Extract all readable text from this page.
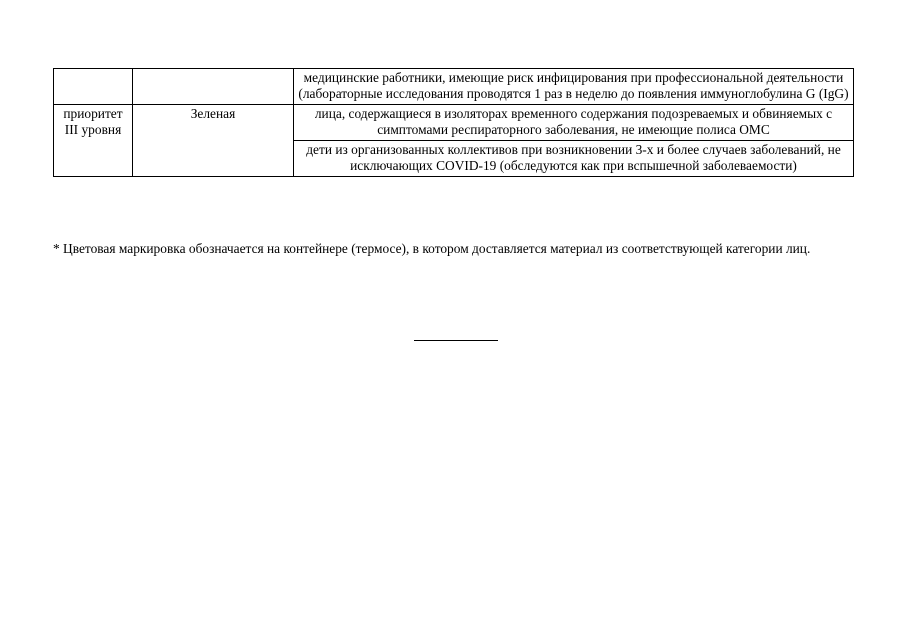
		медицинские работники, имеющие риск инфицирования при профессиональной деятельности (лабораторные исследования проводятся 1 раз в неделю до появления иммуноглобулина G (IgG)
приоритет III уровня	Зеленая	лица, содержащиеся в изоляторах временного содержания подозреваемых и обвиняемых с симптомами респираторного заболевания, не имеющие полиса ОМС
		дети из организованных коллективов при возникновении 3-х и более случаев заболеваний, не исключающих COVID-19 (обследуются как при вспышечной заболеваемости)
* Цветовая маркировка обозначается на контейнере (термосе), в котором доставляется материал из соответствующей категории лиц.
